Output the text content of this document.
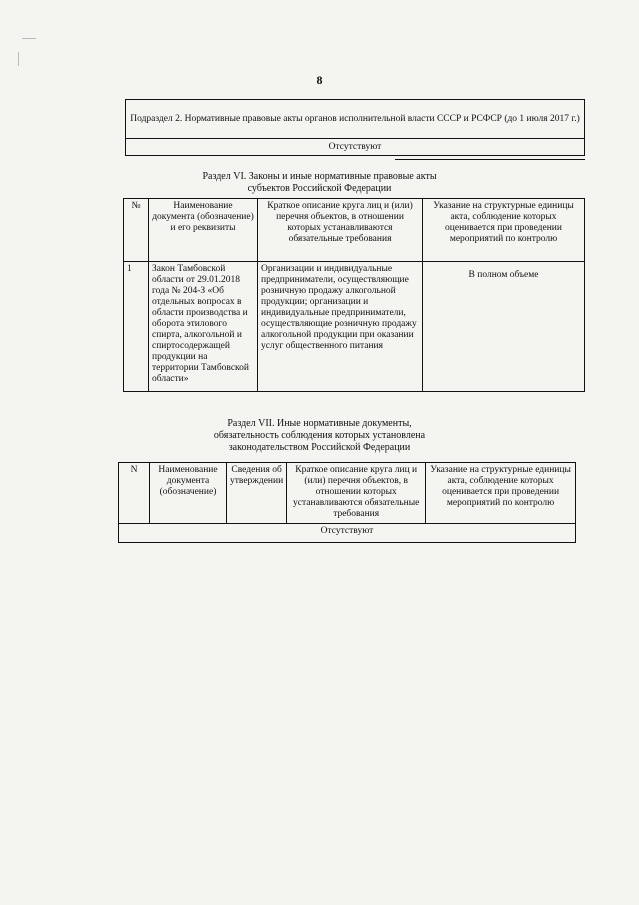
8
Подраздел 2. Нормативные правовые акты органов исполнительной власти СССР и РСФСР (до 1 июля 2017 г.)
Отсутствуют
Раздел VI. Законы и иные нормативные правовые акты
субъектов Российской Федерации
№	Наименование документа (обозначение) и его реквизиты	Краткое описание круга лиц и (или) перечня объектов, в отношении которых устанавливаются обязательные требования	Указание на структурные единицы акта, соблюдение которых оценивается при проведении мероприятий по контролю
1	Закон Тамбовской области от 29.01.2018 года № 204-З «Об отдельных вопросах в области производства и оборота этилового спирта, алкогольной и спиртосодержащей продукции на территории Тамбовской области»	Организации и индивидуальные предприниматели, осуществляющие розничную продажу алкогольной продукции; организации и индивидуальные предприниматели, осуществляющие розничную продажу алкогольной продукции при оказании услуг общественного питания	В полном объеме
Раздел VII. Иные нормативные документы,
обязательность соблюдения которых установлена
законодательством Российской Федерации
N	Наименование документа (обозначение)	Сведения об утверждении	Краткое описание круга лиц и (или) перечня объектов, в отношении которых устанавливаются обязательные требования	Указание на структурные единицы акта, соблюдение которых оценивается при проведении мероприятий по контролю
Отсутствуют
